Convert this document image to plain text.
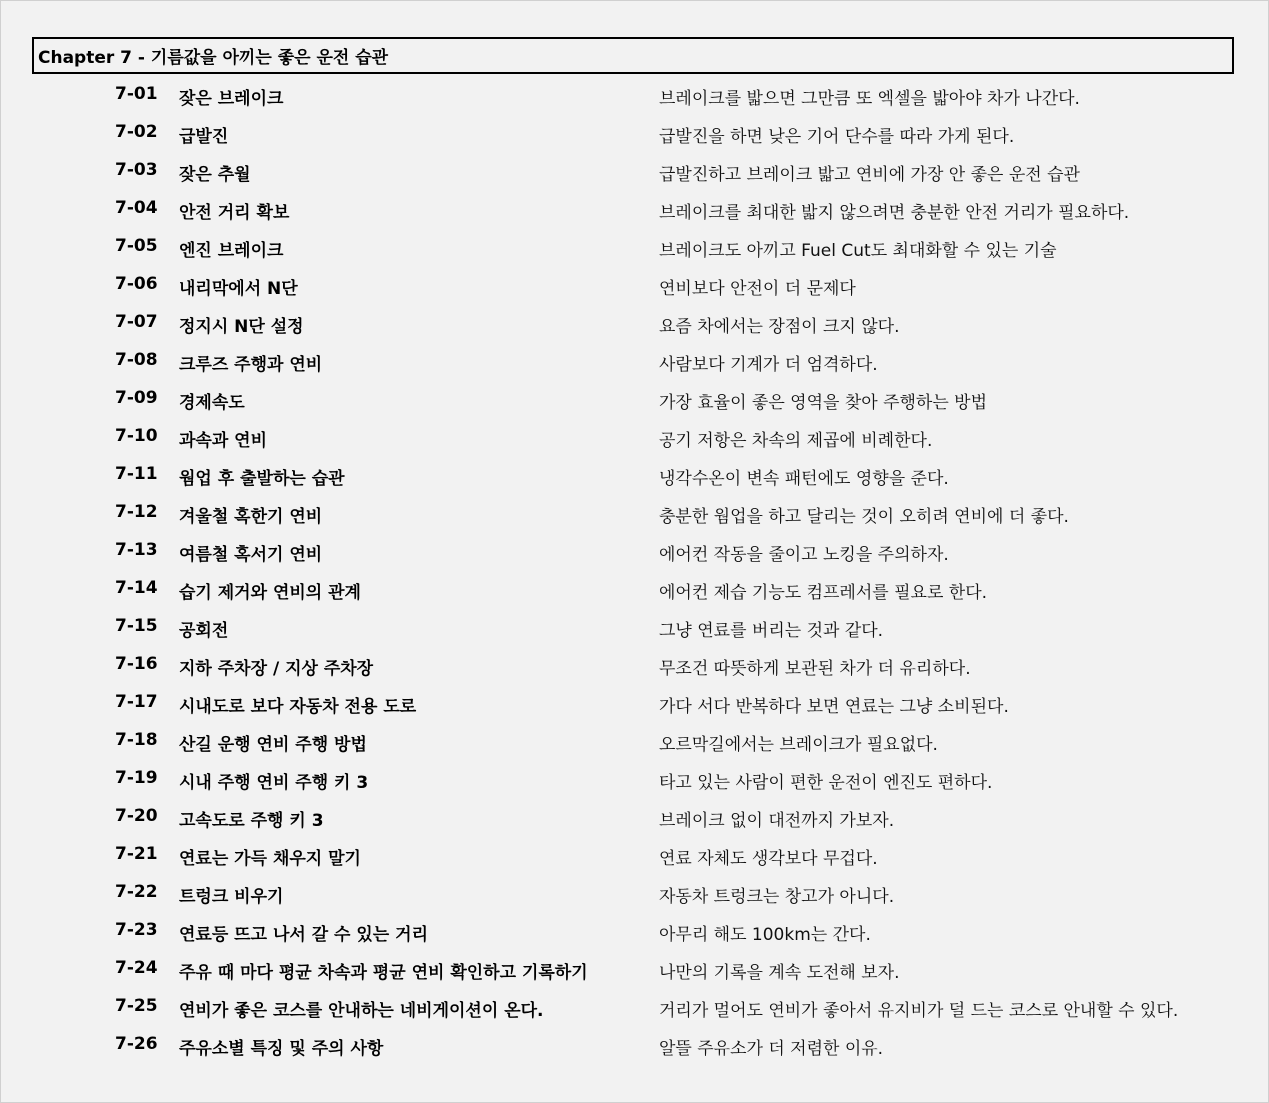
Chapter 7 - 기름값을 아끼는 좋은 운전 습관
7-01 잦은 브레이크	브레이크를 밟으면 그만큼 또 엑셀을 밟아야 차가 나간다.
7-02 급발진	급발진을 하면 낮은 기어 단수를 따라 가게 된다.
7-03 잦은 추월	급발진하고 브레이크 밟고 연비에 가장 안 좋은 운전 습관
7-04 안전 거리 확보	브레이크를 최대한 밟지 않으려면 충분한 안전 거리가 필요하다.
7-05 엔진 브레이크	브레이크도 아끼고 Fuel Cut도 최대화할 수 있는 기술
7-06 내리막에서 N단	연비보다 안전이 더 문제다
7-07 정지시 N단 설정	요즘 차에서는 장점이 크지 않다.
7-08 크루즈 주행과 연비	사람보다 기계가 더 엄격하다.
7-09 경제속도	가장 효율이 좋은 영역을 찾아 주행하는 방법
7-10 과속과 연비	공기 저항은 차속의 제곱에 비례한다.
7-11 웜업 후 출발하는 습관	냉각수온이 변속 패턴에도 영향을 준다.
7-12 겨울철 혹한기 연비	충분한 웜업을 하고 달리는 것이 오히려 연비에 더 좋다.
7-13 여름철 혹서기 연비	에어컨 작동을 줄이고 노킹을 주의하자.
7-14 습기 제거와 연비의 관계	에어컨 제습 기능도 컴프레서를 필요로 한다.
7-15 공회전	그냥 연료를 버리는 것과 같다.
7-16 지하 주차장 / 지상 주차장	무조건 따뜻하게 보관된 차가 더 유리하다.
7-17 시내도로 보다 자동차 전용 도로	가다 서다 반복하다 보면 연료는 그냥 소비된다.
7-18 산길 운행 연비 주행 방법	오르막길에서는 브레이크가 필요없다.
7-19 시내 주행 연비 주행 키 3	타고 있는 사람이 편한 운전이 엔진도 편하다.
7-20 고속도로 주행 키 3	브레이크 없이 대전까지 가보자.
7-21 연료는 가득 채우지 말기	연료 자체도 생각보다 무겁다.
7-22 트렁크 비우기	자동차 트렁크는 창고가 아니다.
7-23 연료등 뜨고 나서 갈 수 있는 거리	아무리 해도 100km는 간다.
7-24 주유 때 마다 평균 차속과 평균 연비 확인하고 기록하기	나만의 기록을 계속 도전해 보자.
7-25 연비가 좋은 코스를 안내하는 네비게이션이 온다.	거리가 멀어도 연비가 좋아서 유지비가 덜 드는 코스로 안내할 수 있다.
7-26 주유소별 특징 및 주의 사항	알뜰 주유소가 더 저렴한 이유.
